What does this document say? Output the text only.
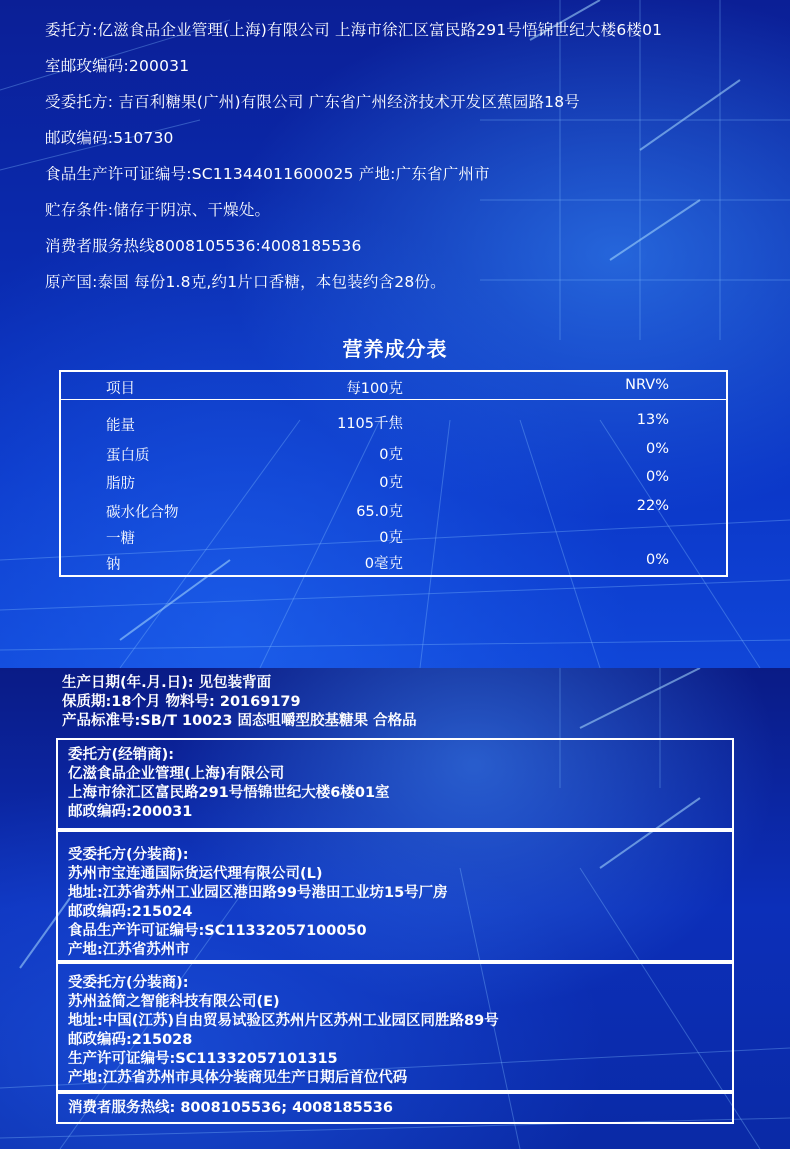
委托方:亿滋食品企业管理(上海)有限公司 上海市徐汇区富民路291号悟锦世纪大楼6楼01
室邮玫编码:200031
受委托方: 吉百利糖果(广州)有限公司 广东省广州经济技术开发区蕉园路18号
邮政编码:510730
食品生产许可证编号:SC11344011600025 产地:广东省广州市
贮存条件:储存于阴凉、干燥处。
消费者服务热线8008105536:4008185536
原产国:泰国 每份1.8克,约1片口香糖，本包装约含28份。
营养成分表
项目	每100克	NRV%
能量	1105千焦	13%
蛋白质	0克	0%
脂肪	0克	0%
碳水化合物	65.0克	22%
一糖	0克
钠	0毫克	0%
生产日期(年.月.日): 见包装背面
保质期:18个月 物料号: 20169179
产品标准号:SB/T 10023 固态咀嚼型胶基糖果 合格品
委托方(经销商):
亿滋食品企业管理(上海)有限公司
上海市徐汇区富民路291号悟锦世纪大楼6楼01室
邮政编码:200031
受委托方(分装商):
苏州市宝连通国际货运代理有限公司(L)
地址:江苏省苏州工业园区港田路99号港田工业坊15号厂房
邮政编码:215024
食品生产许可证编号:SC11332057100050
产地:江苏省苏州市
受委托方(分装商):
苏州益简之智能科技有限公司(E)
地址:中国(江苏)自由贸易试验区苏州片区苏州工业园区同胜路89号
邮政编码:215028
生产许可证编号:SC11332057101315
产地:江苏省苏州市具体分装商见生产日期后首位代码
消费者服务热线: 8008105536; 4008185536
